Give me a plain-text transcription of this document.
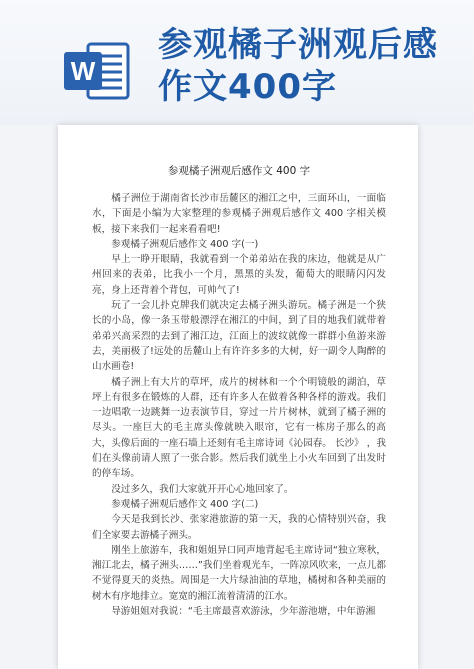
W
参观橘子洲观后感作文400字
参观橘子洲观后感作文 400 字

橘子洲位于湖南省长沙市岳麓区的湘江之中，三面环山，一面临水，下面是小编为大家整理的参观橘子洲观后感作文 400 字相关模板，接下来我们一起来看看吧!

参观橘子洲观后感作文 400 字(一)

早上一睁开眼睛，我就看到一个弟弟站在我的床边，他就是从广州回来的表弟，比我小一个月，黑黑的头发，葡萄大的眼睛闪闪发亮，身上还背着个背包，可帅气了!

玩了一会儿扑克牌我们就决定去橘子洲头游玩。橘子洲是一个狭长的小岛，像一条玉带般漂浮在湘江的中间，到了目的地我们就带着弟弟兴高采烈的去到了湘江边，江面上的波纹就像一群群小鱼游来游去，美丽极了!远处的岳麓山上有许许多多的大树，好一副令人陶醉的山水画卷!

橘子洲上有大片的草坪，成片的树林和一个个明镜般的湖泊，草坪上有很多在锻炼的人群，还有许多人在做着各种各样的游戏。我们一边唱歌一边跳舞一边表演节目，穿过一片片树林，就到了橘子洲的尽头。一座巨大的毛主席头像就映入眼帘，它有一栋房子那么的高大，头像后面的一座石墙上还刻有毛主席诗词《沁园春。 长沙》 ，我们在头像前请人照了一张合影。然后我们就坐上小火车回到了出发时的停车场。

没过多久，我们大家就开开心心地回家了。

参观橘子洲观后感作文 400 字(二)

今天是我到长沙、张家港旅游的第一天，我的心情特别兴奋，我们全家要去游橘子洲头。

刚坐上旅游车，我和姐姐异口同声地背起毛主席诗词“独立寒秋，湘江北去，橘子洲头……”我们坐着观光车，一阵凉风吹来，一点儿都不觉得夏天的炎热。周围是一大片绿油油的草地，橘树和各种美丽的树木有序地排立。宽宽的湘江流着清清的江水。

导游姐姐对我说：“毛主席最喜欢游泳，少年游池塘，中年游湘
